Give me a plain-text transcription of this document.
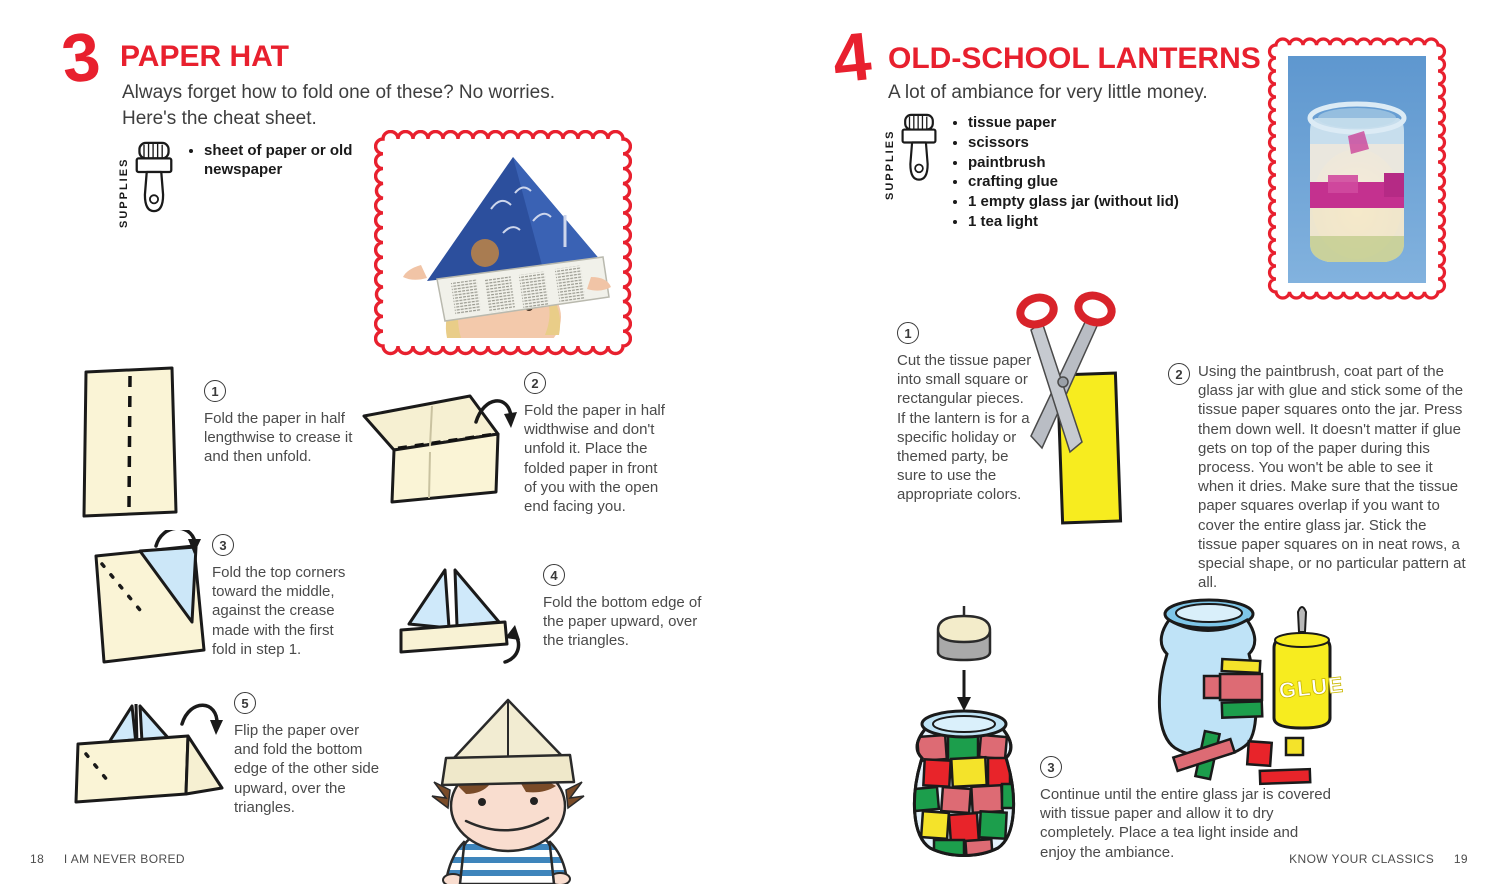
3 PAPER HAT
Always forget how to fold one of these? No worries.
Here's the cheat sheet.
SUPPLIES
• sheet of paper or old newspaper
1

Fold the paper in half lengthwise to crease it and then unfold.

2

Fold the paper in half widthwise and don't unfold it. Place the folded paper in front of you with the open end facing you.

3

Fold the top corners toward the middle, against the crease made with the first fold in step 1.

4

Fold the bottom edge of the paper upward, over the triangles.

5

Flip the paper over and fold the bottom edge of the other side upward, over the triangles.

18 I AM NEVER BORED
4 OLD-SCHOOL LANTERNS
A lot of ambiance for very little money.
SUPPLIES
• tissue paper
• scissors
• paintbrush
• crafting glue
• 1 empty glass jar (without lid)
• 1 tea light
1

Cut the tissue paper into small square or rectangular pieces. If the lantern is for a specific holiday or themed party, be sure to use the appropriate colors.

2	Using the paintbrush, coat part of the glass jar with glue and stick some of the tissue paper squares onto the jar. Press them down well. It doesn't matter if glue gets on top of the paper during this process. You won't be able to see it when it dries. Make sure that the tissue paper squares overlap if you want to cover the entire glass jar. Stick the tissue paper squares on in neat rows, a special shape, or no particular pattern at all.

GLUE
3

Continue until the entire glass jar is covered with tissue paper and allow it to dry completely. Place a tea light inside and enjoy the ambiance.	KNOW YOUR CLASSICS 19
